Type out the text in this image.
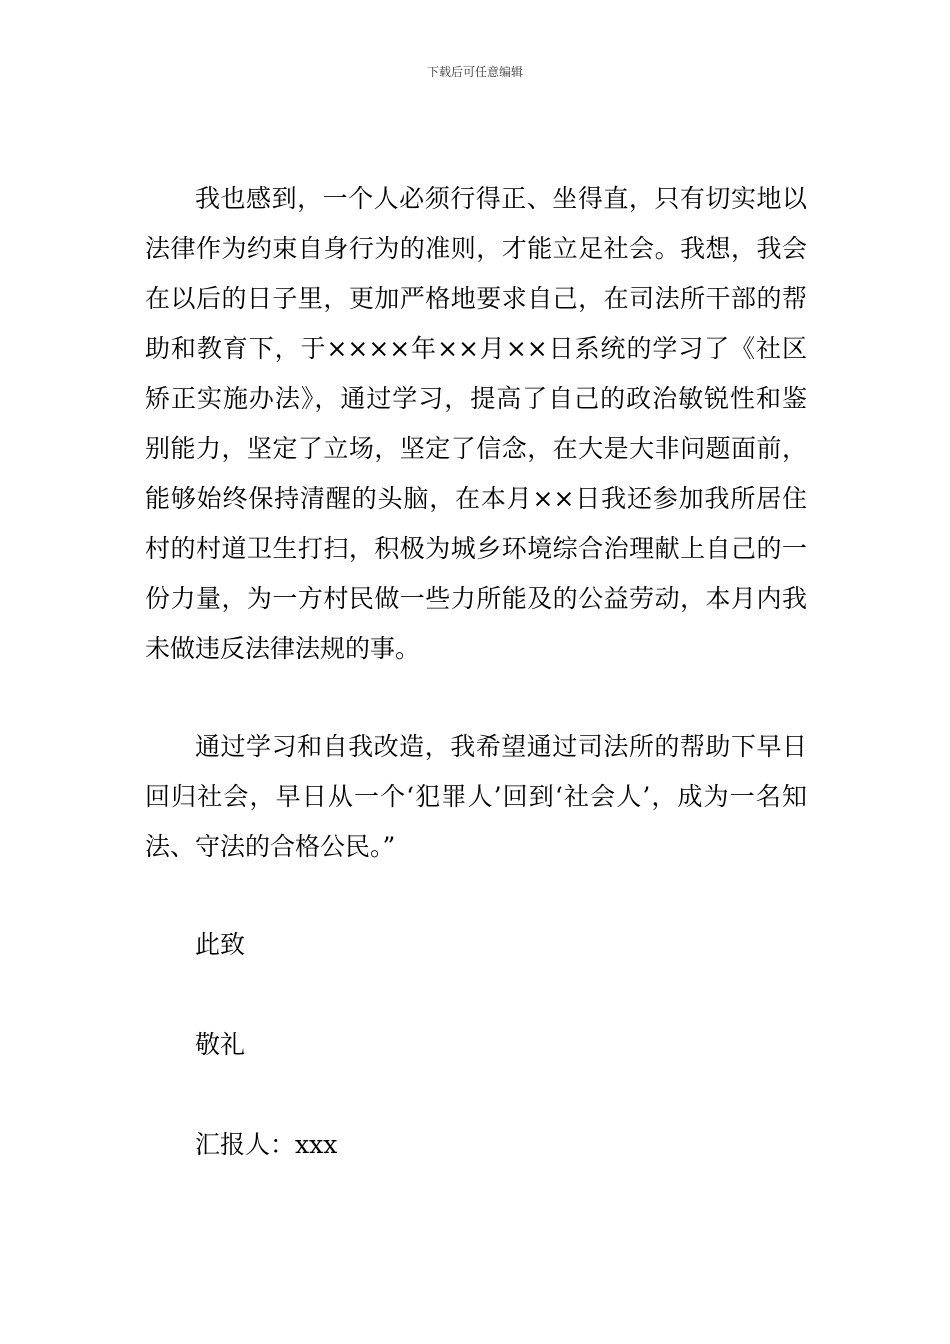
下载后可任意编辑

我也感到，一个人必须行得正、坐得直，只有切实地以法律作为约束自身行为的准则，才能立足社会。我想，我会在以后的日子里，更加严格地要求自己，在司法所干部的帮助和教育下，于××××年××月××日系统的学习了《社区矫正实施办法》，通过学习，提高了自己的政治敏锐性和鉴别能力，坚定了立场，坚定了信念，在大是大非问题面前，能够始终保持清醒的头脑，在本月××日我还参加我所居住村的村道卫生打扫，积极为城乡环境综合治理献上自己的一份力量，为一方村民做一些力所能及的公益劳动，本月内我未做违反法律法规的事。

通过学习和自我改造，我希望通过司法所的帮助下早日回归社会，早日从一个‘犯罪人’回到‘社会人’，成为一名知法、守法的合格公民。”

此致

敬礼

汇报人：xxx
